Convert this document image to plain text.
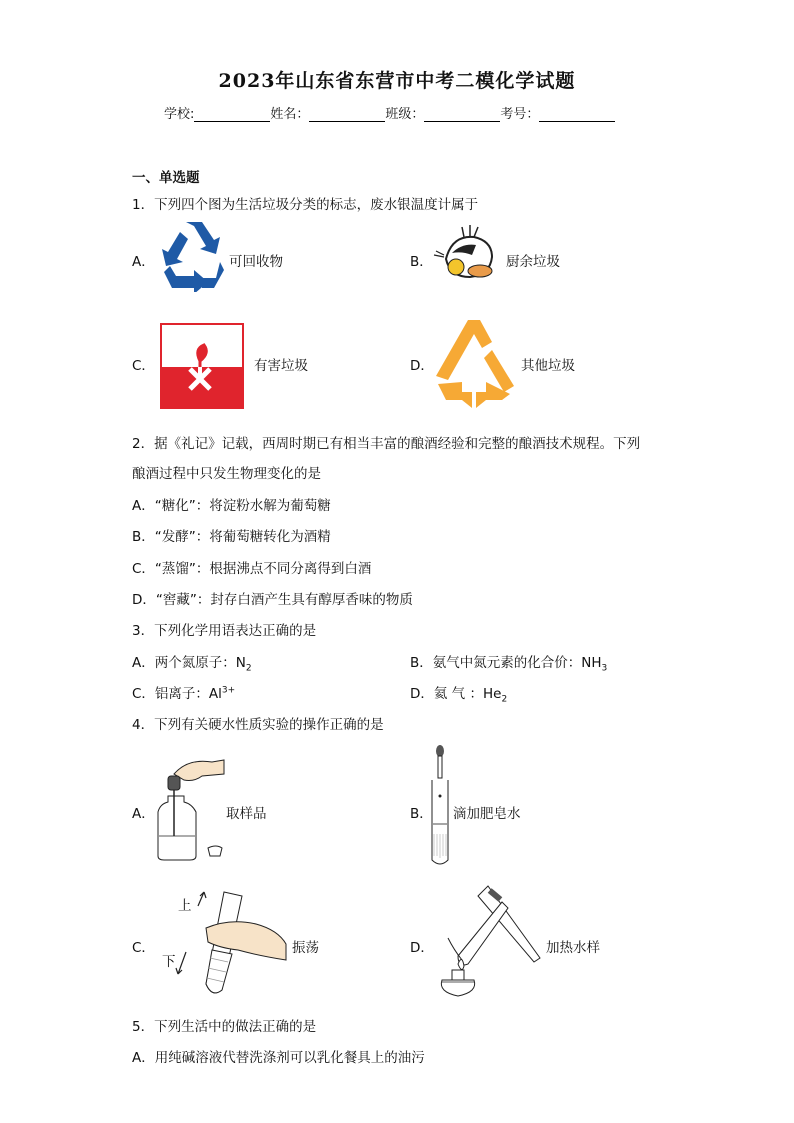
2023年山东省东营市中考二模化学试题
学校:	姓名：	班级：	考号：
一、单选题
1．下列四个图为生活垃圾分类的标志，废水银温度计属于
A．	可回收物	B．	厨余垃圾
C．	有害垃圾	D．	其他垃圾
2．据《礼记》记载，西周时期已有相当丰富的酿酒经验和完整的酿酒技术规程。下列
酿酒过程中只发生物理变化的是
A．“糖化”：将淀粉水解为葡萄糖
B．“发酵”：将葡萄糖转化为酒精
C．“蒸馏”：根据沸点不同分离得到白酒
D．“窖藏”：封存白酒产生具有醇厚香味的物质
3．下列化学用语表达正确的是
A．两个氮原子：$N_2$	B．氨气中氮元素的化合价：$NH_3$
C．铝离子：$Al^{3+}$	D．氦 气 ：$He_2$
4．下列有关硬水性质实验的操作正确的是
A．	取样品	B． 滴加肥皂水
C．
上
下
振荡	D．	加热水样
5．下列生活中的做法正确的是
A．用纯碱溶液代替洗涤剂可以乳化餐具上的油污
